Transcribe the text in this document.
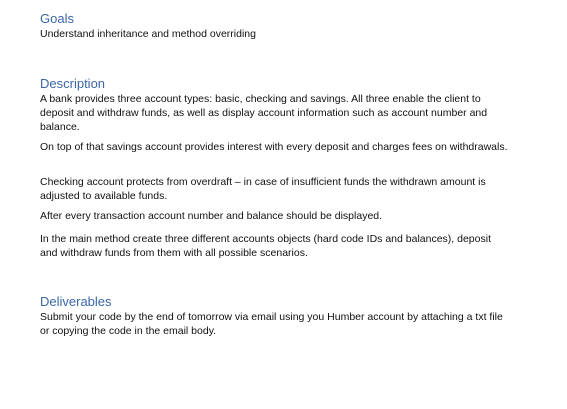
Goals
Understand inheritance and method overriding
Description
A bank provides three account types: basic, checking and savings. All three enable the client to deposit and withdraw funds, as well as display account information such as account number and balance.
On top of that savings account provides interest with every deposit and charges fees on withdrawals.
Checking account protects from overdraft – in case of insufficient funds the withdrawn amount is adjusted to available funds.
After every transaction account number and balance should be displayed.
In the main method create three different accounts objects (hard code IDs and balances), deposit and withdraw funds from them with all possible scenarios.
Deliverables
Submit your code by the end of tomorrow via email using you Humber account by attaching a txt file or copying the code in the email body.
